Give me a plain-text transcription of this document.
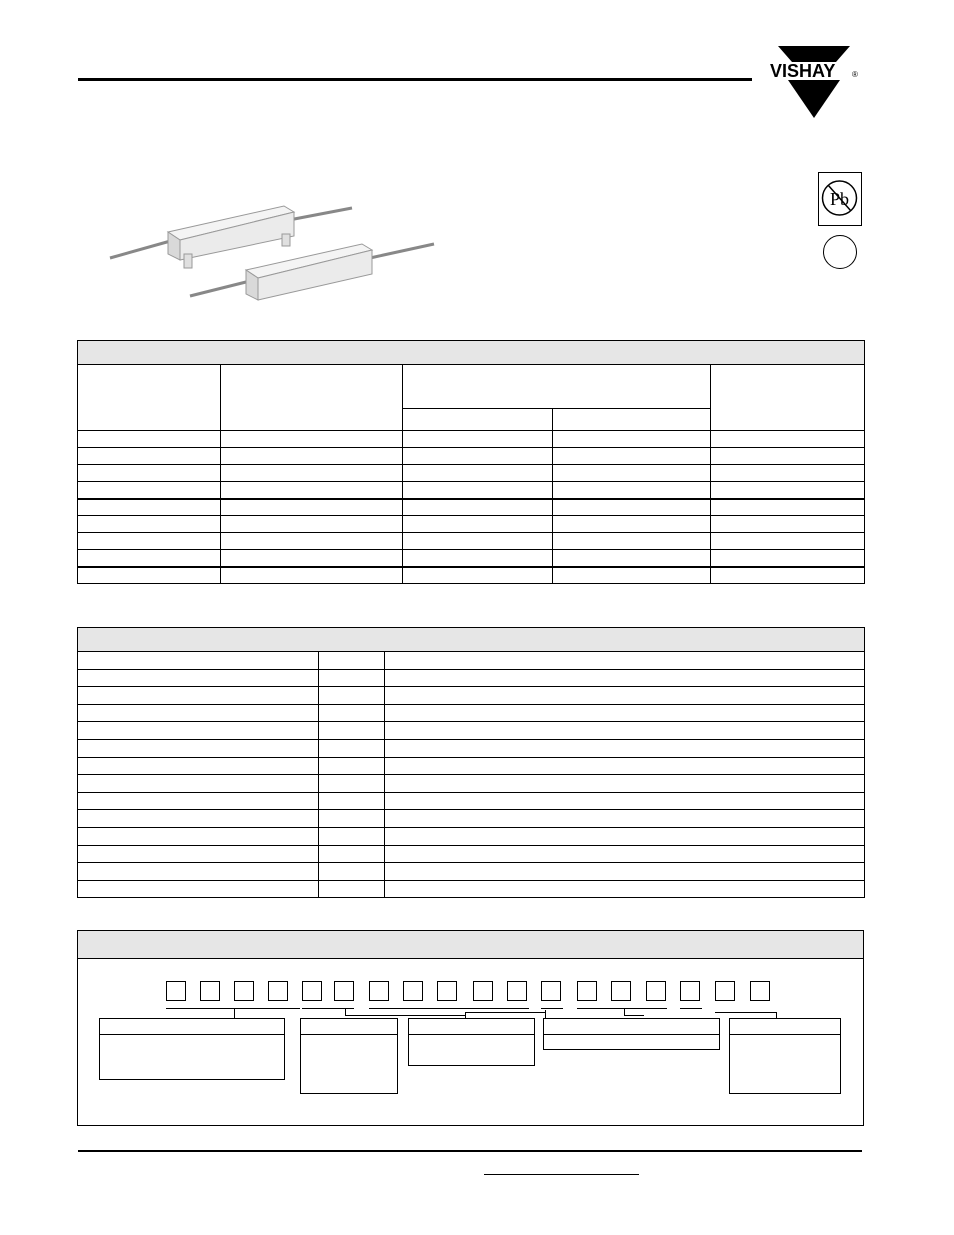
VISHAY ®
Pb
